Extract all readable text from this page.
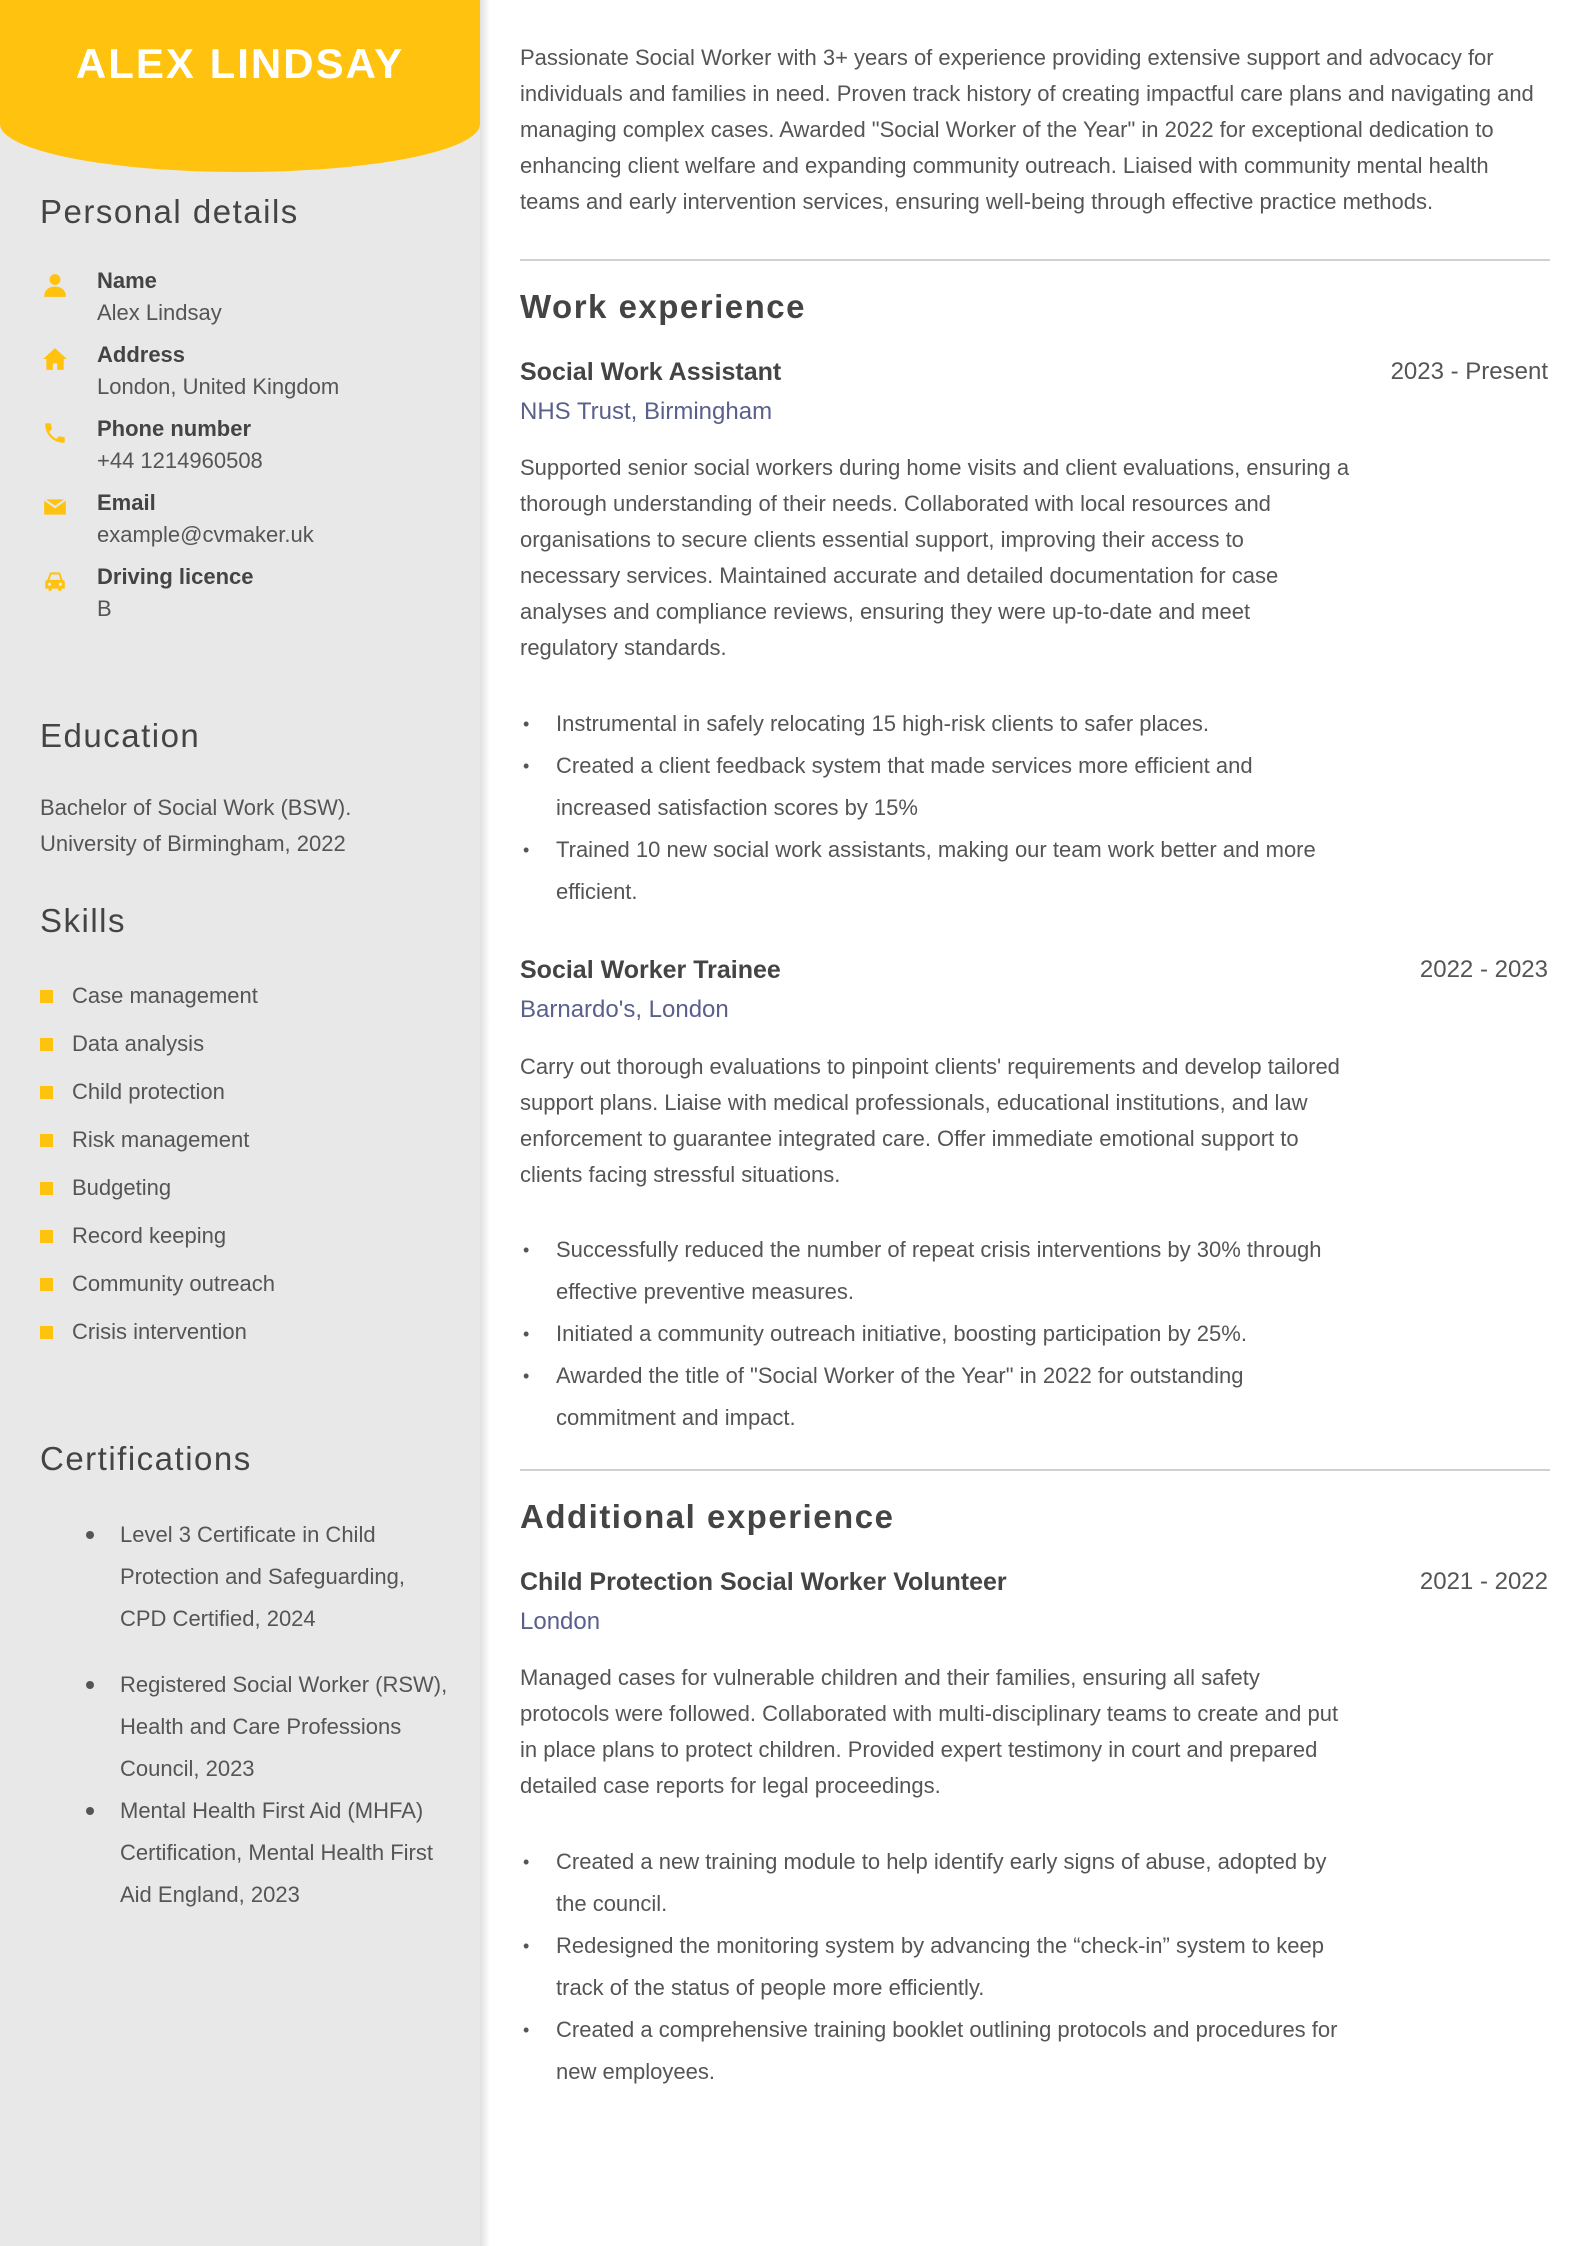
ALEX LINDSAY
Personal details
Name
Alex Lindsay
Address
London, United Kingdom
Phone number
+44 1214960508
Email
example@cvmaker.uk
Driving licence
B
Education
Bachelor of Social Work (BSW).
University of Birmingham, 2022
Skills
Case management
Data analysis
Child protection
Risk management
Budgeting
Record keeping
Community outreach
Crisis intervention
Certifications
Level 3 Certificate in Child Protection and Safeguarding, CPD Certified, 2024
Registered Social Worker (RSW), Health and Care Professions Council, 2023
Mental Health First Aid (MHFA) Certification, Mental Health First Aid England, 2023
Passionate Social Worker with 3+ years of experience providing extensive support and advocacy for individuals and families in need. Proven track history of creating impactful care plans and navigating and managing complex cases. Awarded "Social Worker of the Year" in 2022 for exceptional dedication to enhancing client welfare and expanding community outreach. Liaised with community mental health teams and early intervention services, ensuring well-being through effective practice methods.
Work experience
Social Work Assistant	2023 - Present
NHS Trust, Birmingham
Supported senior social workers during home visits and client evaluations, ensuring a thorough understanding of their needs. Collaborated with local resources and organisations to secure clients essential support, improving their access to necessary services. Maintained accurate and detailed documentation for case analyses and compliance reviews, ensuring they were up-to-date and meet regulatory standards.
• Instrumental in safely relocating 15 high-risk clients to safer places.
• Created a client feedback system that made services more efficient and increased satisfaction scores by 15%
• Trained 10 new social work assistants, making our team work better and more efficient.
Social Worker Trainee	2022 - 2023
Barnardo's, London
Carry out thorough evaluations to pinpoint clients' requirements and develop tailored support plans. Liaise with medical professionals, educational institutions, and law enforcement to guarantee integrated care. Offer immediate emotional support to clients facing stressful situations.
• Successfully reduced the number of repeat crisis interventions by 30% through effective preventive measures.
• Initiated a community outreach initiative, boosting participation by 25%.
• Awarded the title of "Social Worker of the Year" in 2022 for outstanding commitment and impact.
Additional experience
Child Protection Social Worker Volunteer	2021 - 2022
London
Managed cases for vulnerable children and their families, ensuring all safety protocols were followed. Collaborated with multi-disciplinary teams to create and put in place plans to protect children. Provided expert testimony in court and prepared detailed case reports for legal proceedings.
• Created a new training module to help identify early signs of abuse, adopted by the council.
• Redesigned the monitoring system by advancing the “check-in” system to keep track of the status of people more efficiently.
• Created a comprehensive training booklet outlining protocols and procedures for new employees.
